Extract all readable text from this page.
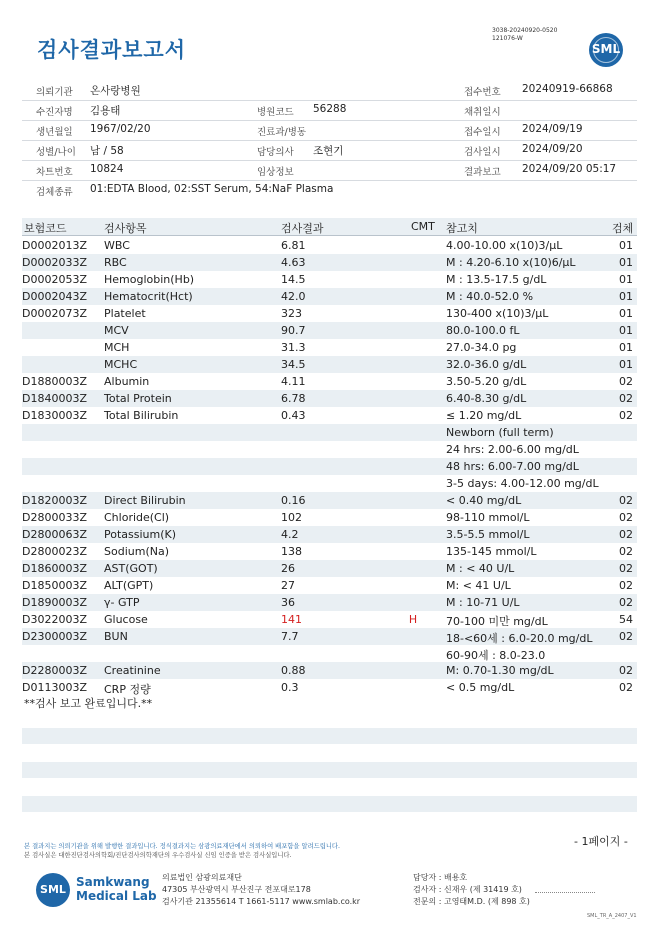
3038-20240920-0520
121076-W
검사결과보고서	SML
의뢰기관 온사랑병원	접수번호 20240919-66868
수진자명 김용태	병원코드 56288	채취일시
생년월일 1967/02/20	진료과/병동	접수일시 2024/09/19
성별/나이 남 / 58	담당의사 조현기	검사일시 2024/09/20
차트번호 10824	임상정보	결과보고 2024/09/20 05:17
검체종류 01:EDTA Blood, 02:SST Serum, 54:NaF Plasma
보험코드	검사항목	검사결과	CMT 참고치	검체
D0002013Z WBC	6.81	4.00-10.00 x(10)3/μL	01
D0002033Z RBC	4.63	M : 4.20-6.10 x(10)6/μL	01
D0002053Z Hemoglobin(Hb)	14.5	M : 13.5-17.5 g/dL	01
D0002043Z Hematocrit(Hct)	42.0	M : 40.0-52.0 %	01
D0002073Z Platelet	323	130-400 x(10)3/μL	01
MCV	90.7	80.0-100.0 fL	01
MCH	31.3	27.0-34.0 pg	01
MCHC	34.5	32.0-36.0 g/dL	01
D1880003Z Albumin	4.11	3.50-5.20 g/dL	02
D1840003Z Total Protein	6.78	6.40-8.30 g/dL	02
D1830003Z Total Bilirubin	0.43	≤ 1.20 mg/dL	02
Newborn (full term)
24 hrs: 2.00-6.00 mg/dL
48 hrs: 6.00-7.00 mg/dL
3-5 days: 4.00-12.00 mg/dL
D1820003Z Direct Bilirubin	0.16	< 0.40 mg/dL	02
D2800033Z Chloride(Cl)	102	98-110 mmol/L	02
D2800063Z Potassium(K)	4.2	3.5-5.5 mmol/L	02
D2800023Z Sodium(Na)	138	135-145 mmol/L	02
D1860003Z AST(GOT)	26	M : < 40 U/L	02
D1850003Z ALT(GPT)	27	M: < 41 U/L	02
D1890003Z γ- GTP	36	M : 10-71 U/L	02
D3022003Z Glucose	141	H	70-100 미만 mg/dL	54
D2300003Z BUN	7.7	18-<60세 : 6.0-20.0 mg/dL 02
60-90세 : 8.0-23.0
D2280003Z Creatinine	0.88	M: 0.70-1.30 mg/dL	02
D0113003Z CRP 정량	0.3	< 0.5 mg/dL	02
**검사 보고 완료입니다.**
본 결과지는 의뢰기관을 위해 발행한 결과입니다. 정식결과지는 삼광의료재단에서 의뢰하여 배포함을 알려드립니다.
본 검사실은 대한진단검사의학회/진단검사의학재단의 우수검사실 신임 인증을 받은 검사실입니다.
- 1페이지 -
SML
Samkwang
Medical Lab
의료법인 삼광의료재단
47305 부산광역시 부산진구 전포대로178
검사기관 21355614 T 1661-5117 www.smlab.co.kr
담당자 : 배용호
검사자 : 신재우 (제 31419 호)
전문의 : 고영태M.D. (제 898 호)
SML_TR_A_2407_V1
